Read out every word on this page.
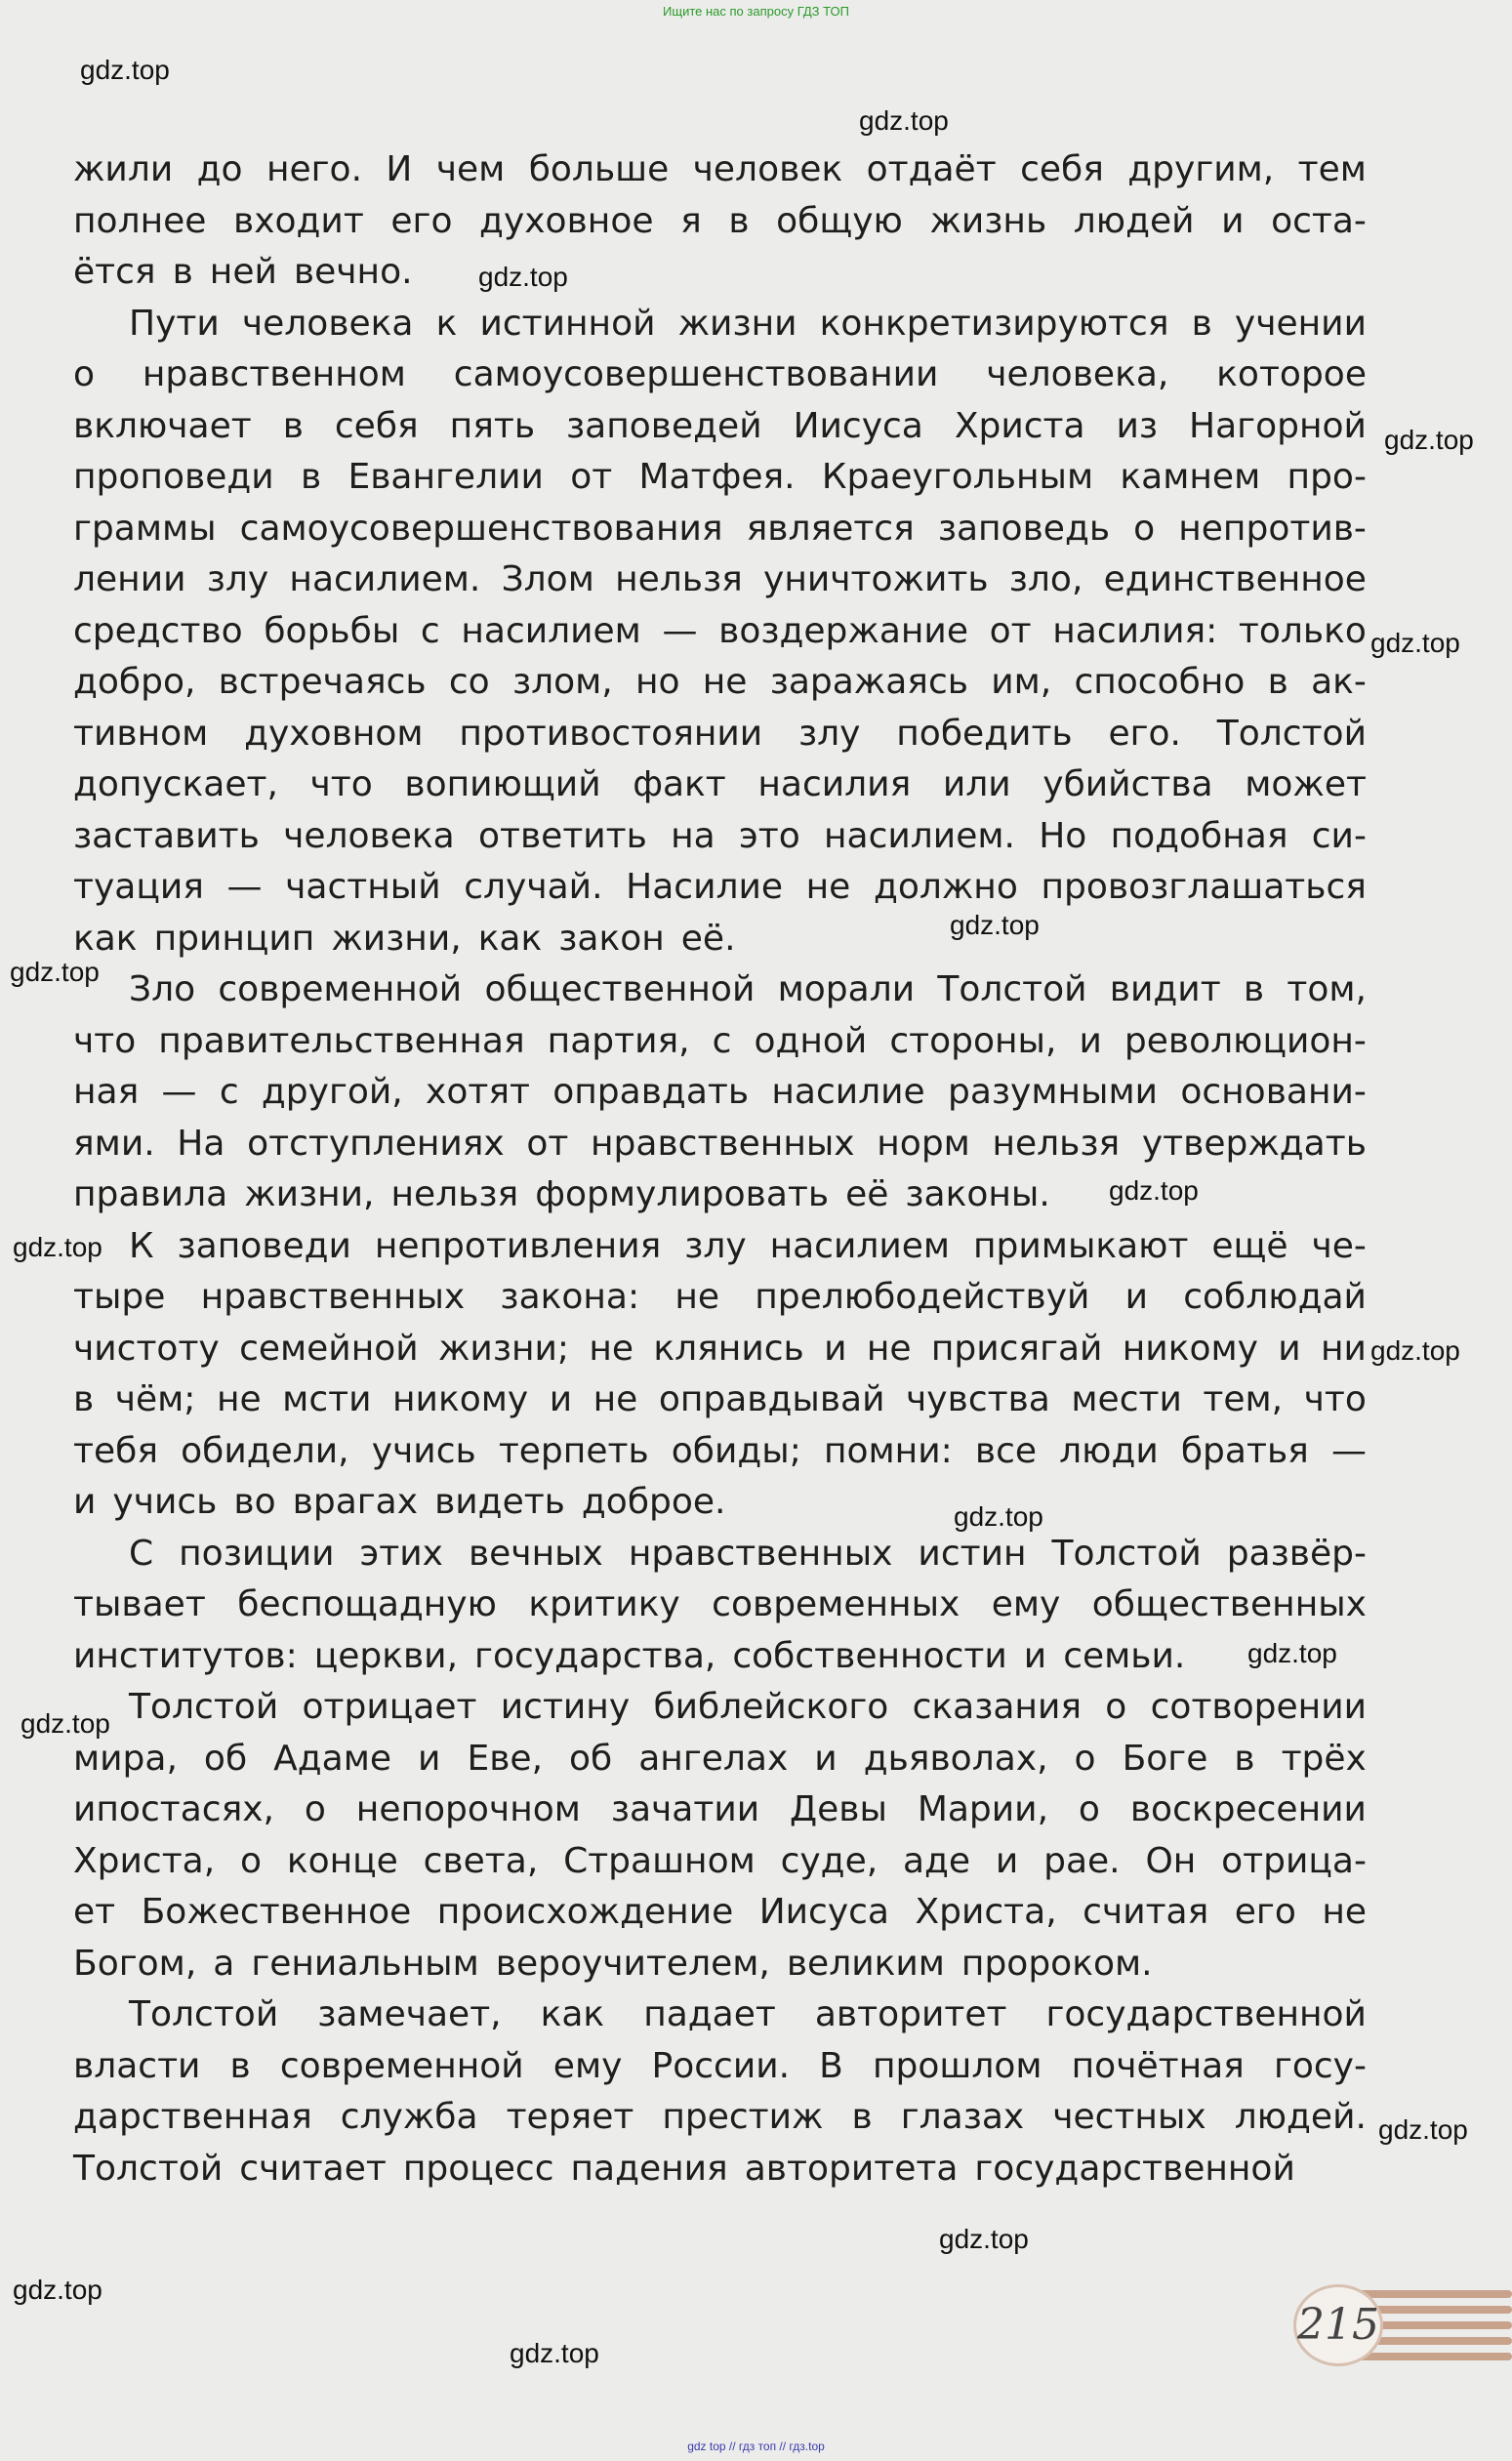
Ищите нас по запросу ГДЗ ТОП
gdz.top
gdz.top
gdz.top
gdz.top
gdz.top
gdz.top
gdz.top
gdz.top
gdz.top
gdz.top
gdz.top
gdz.top
gdz.top
gdz.top
gdz.top
gdz.top
gdz.top

жили до него. И чем больше человек отдаёт себя другим, тем
полнее входит его духовное я в общую жизнь людей и оста-
ётся в ней вечно.

Пути человека к истинной жизни конкретизируются в учении
о нравственном самоусовершенствовании человека, которое
включает в себя пять заповедей Иисуса Христа из Нагорной
проповеди в Евангелии от Матфея. Краеугольным камнем про-
граммы самоусовершенствования является заповедь о непротив-
лении злу насилием. Злом нельзя уничтожить зло, единственное
средство борьбы с насилием — воздержание от насилия: только
добро, встречаясь со злом, но не заражаясь им, способно в ак-
тивном духовном противостоянии злу победить его. Толстой
допускает, что вопиющий факт насилия или убийства может
заставить человека ответить на это насилием. Но подобная си-
туация — частный случай. Насилие не должно провозглашаться
как принцип жизни, как закон её.

Зло современной общественной морали Толстой видит в том,
что правительственная партия, с одной стороны, и революцион-
ная — с другой, хотят оправдать насилие разумными основани-
ями. На отступлениях от нравственных норм нельзя утверждать
правила жизни, нельзя формулировать её законы.

К заповеди непротивления злу насилием примыкают ещё че-
тыре нравственных закона: не прелюбодействуй и соблюдай
чистоту семейной жизни; не клянись и не присягай никому и ни
в чём; не мсти никому и не оправдывай чувства мести тем, что
тебя обидели, учись терпеть обиды; помни: все люди братья —
и учись во врагах видеть доброе.

С позиции этих вечных нравственных истин Толстой развёр-
тывает беспощадную критику современных ему общественных
институтов: церкви, государства, собственности и семьи.

Толстой отрицает истину библейского сказания о сотворении
мира, об Адаме и Еве, об ангелах и дьяволах, о Боге в трёх
ипостасях, о непорочном зачатии Девы Марии, о воскресении
Христа, о конце света, Страшном суде, аде и рае. Он отрица-
ет Божественное происхождение Иисуса Христа, считая его не
Богом, а гениальным вероучителем, великим пророком.

Толстой замечает, как падает авторитет государственной
власти в современной ему России. В прошлом почётная госу-
дарственная служба теряет престиж в глазах честных людей.
Толстой считает процесс падения авторитета государственной

215
gdz top // гдз топ // гдз.top
